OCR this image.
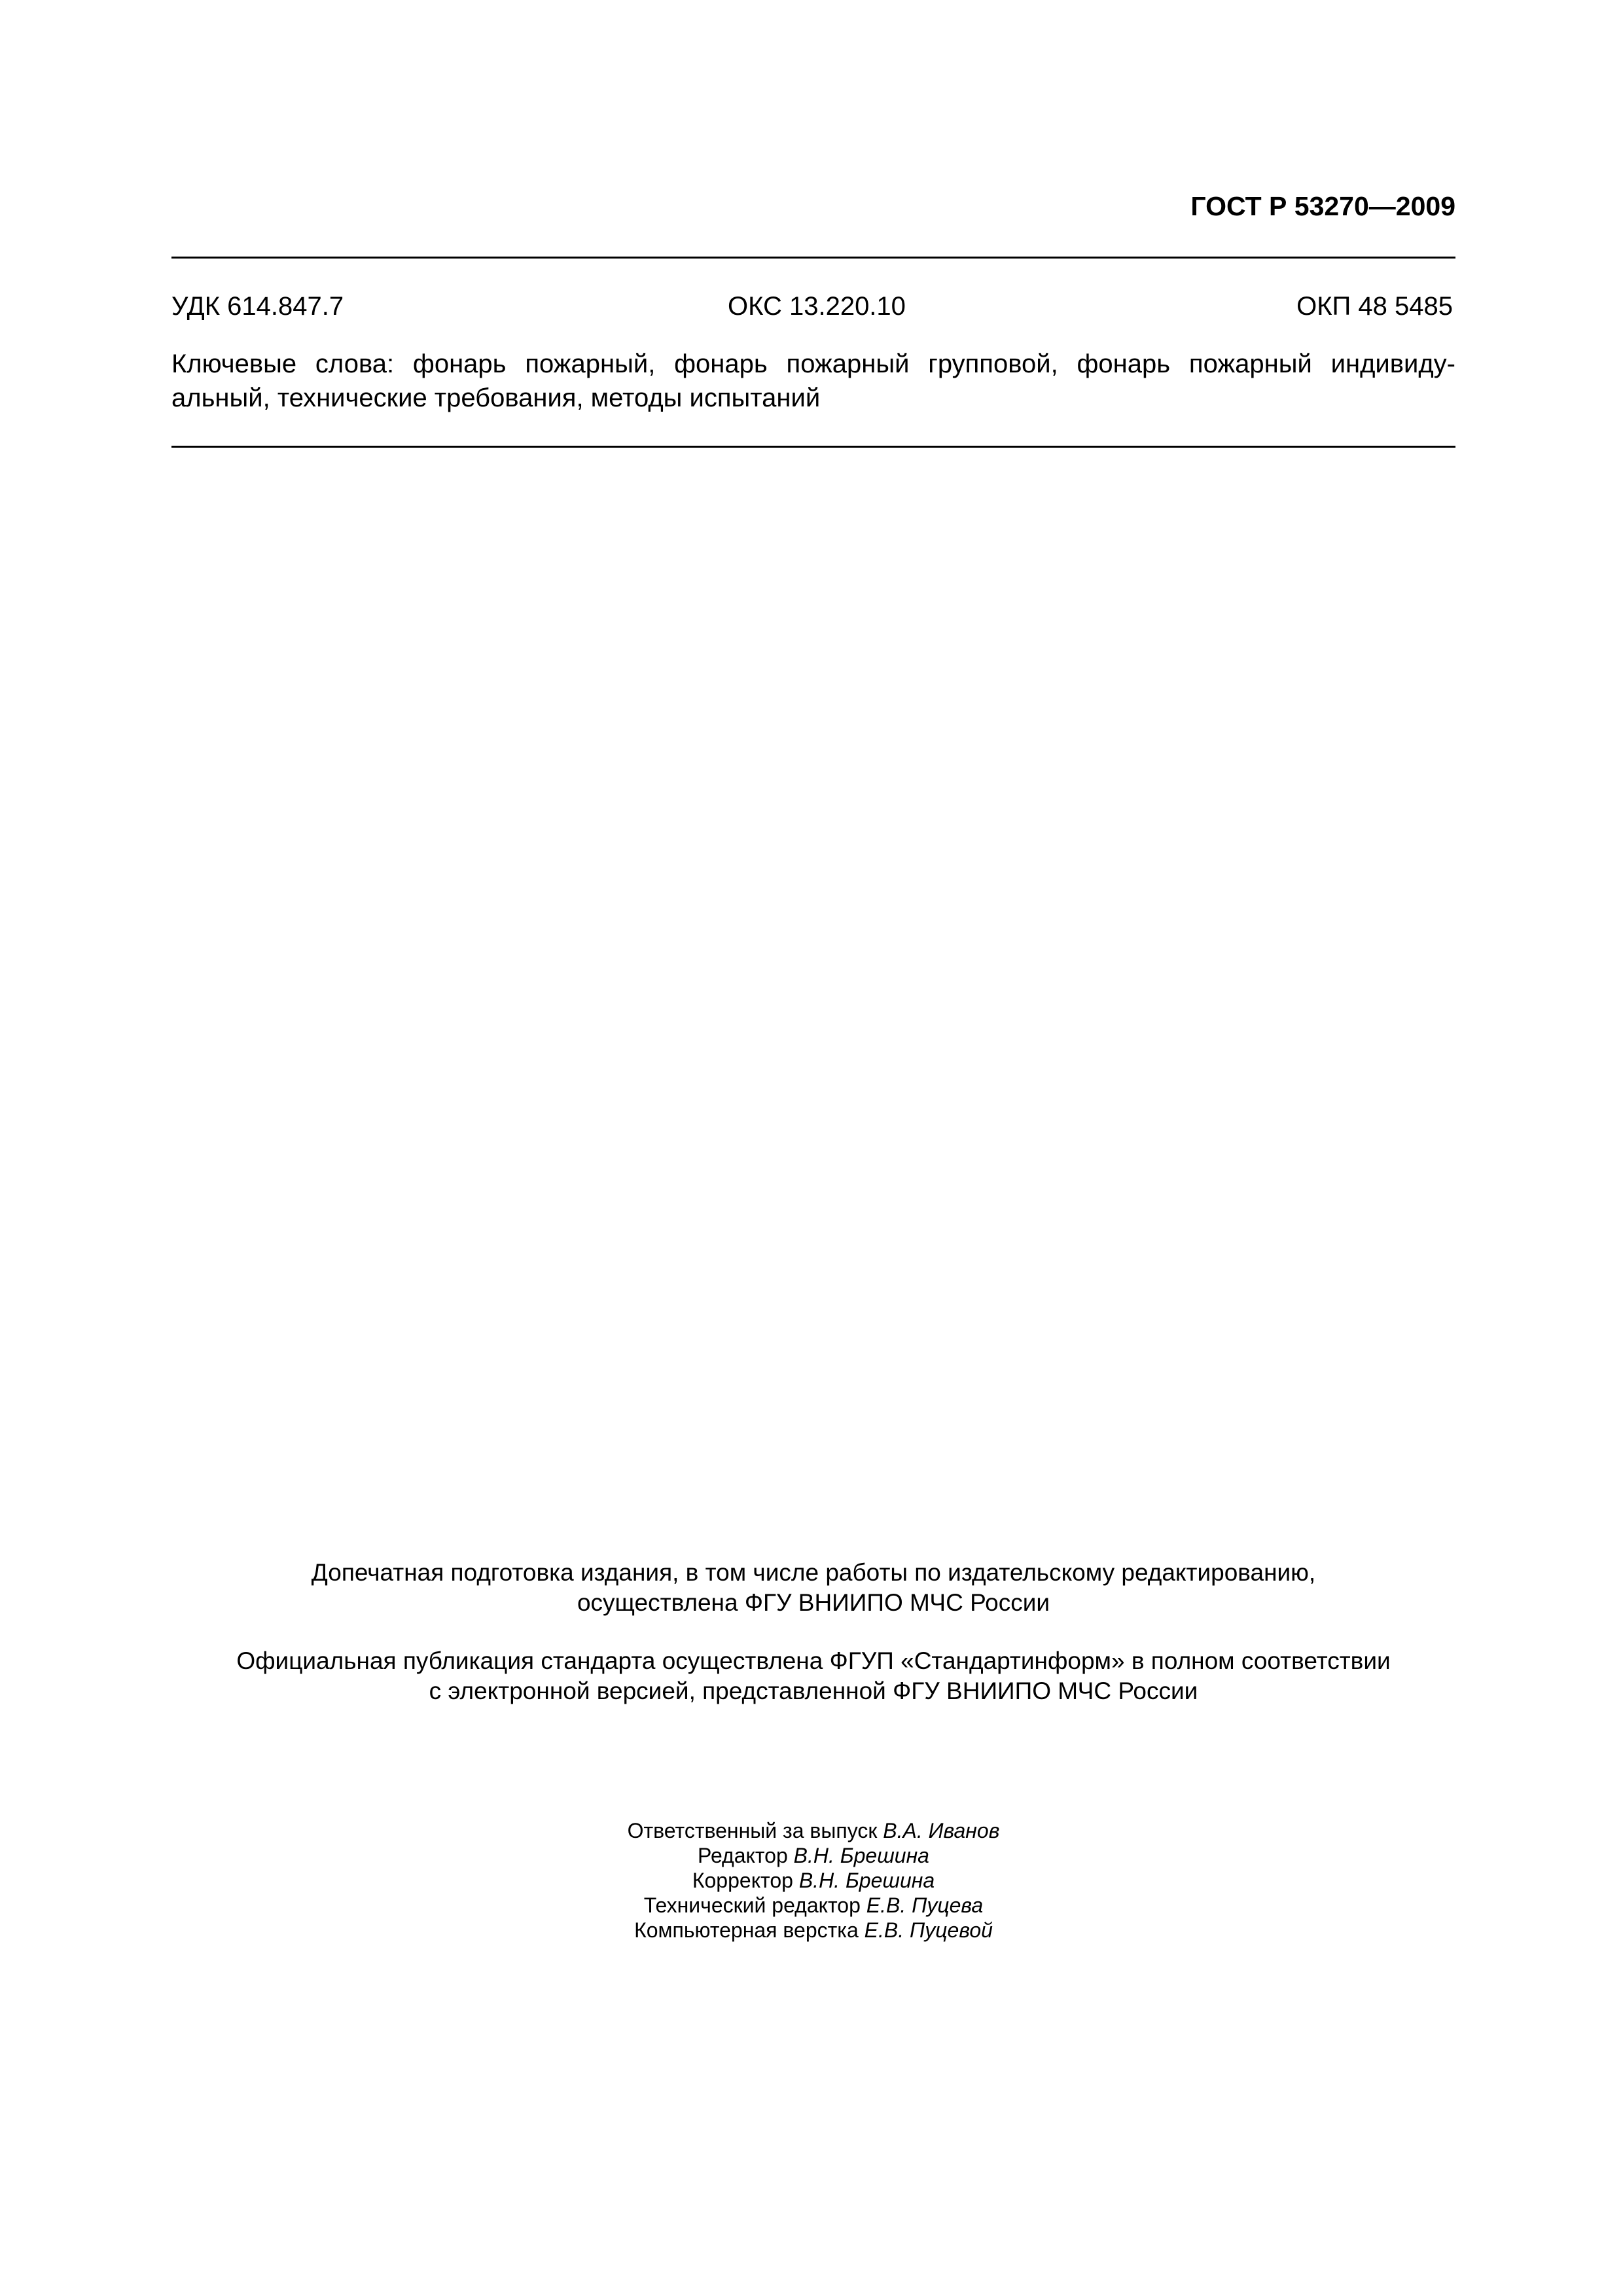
ГОСТ Р 53270—2009
УДК 614.847.7	ОКС 13.220.10	ОКП 48 5485
Ключевые слова: фонарь пожарный, фонарь пожарный групповой, фонарь пожарный индивиду-
альный, технические требования, методы испытаний
Допечатная подготовка издания, в том числе работы по издательскому редактированию,
осуществлена ФГУ ВНИИПО МЧС России
Официальная публикация стандарта осуществлена ФГУП «Стандартинформ» в полном соответствии
с электронной версией, представленной ФГУ ВНИИПО МЧС России
Ответственный за выпуск В.А. Иванов
Редактор В.Н. Брешина
Корректор В.Н. Брешина
Технический редактор Е.В. Пуцева
Компьютерная верстка Е.В. Пуцевой
